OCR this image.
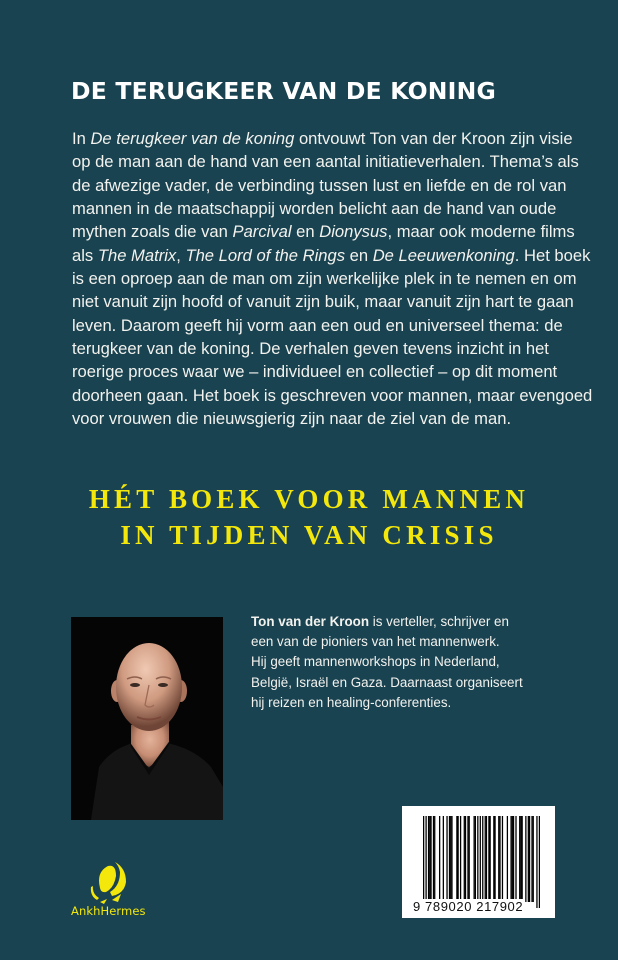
DE TERUGKEER VAN DE KONING
In De terugkeer van de koning ontvouwt Ton van der Kroon zijn visie
op de man aan de hand van een aantal initiatieverhalen. Thema’s als
de afwezige vader, de verbinding tussen lust en liefde en de rol van
mannen in de maatschappij worden belicht aan de hand van oude
mythen zoals die van Parcival en Dionysus, maar ook moderne films
als The Matrix, The Lord of the Rings en De Leeuwenkoning. Het boek
is een oproep aan de man om zijn werkelijke plek in te nemen en om
niet vanuit zijn hoofd of vanuit zijn buik, maar vanuit zijn hart te gaan
leven. Daarom geeft hij vorm aan een oud en universeel thema: de
terugkeer van de koning. De verhalen geven tevens inzicht in het
roerige proces waar we – individueel en collectief – op dit moment
doorheen gaan. Het boek is geschreven voor mannen, maar evengoed
voor vrouwen die nieuwsgierig zijn naar de ziel van de man.
HÉT BOEK VOOR MANNEN
IN TIJDEN VAN CRISIS
Ton van der Kroon is verteller, schrijver en
een van de pioniers van het mannenwerk.
Hij geeft mannenworkshops in Nederland,
België, Israël en Gaza. Daarnaast organiseert
hij reizen en healing-conferenties.
9 789020 217902
AnkhHermes
